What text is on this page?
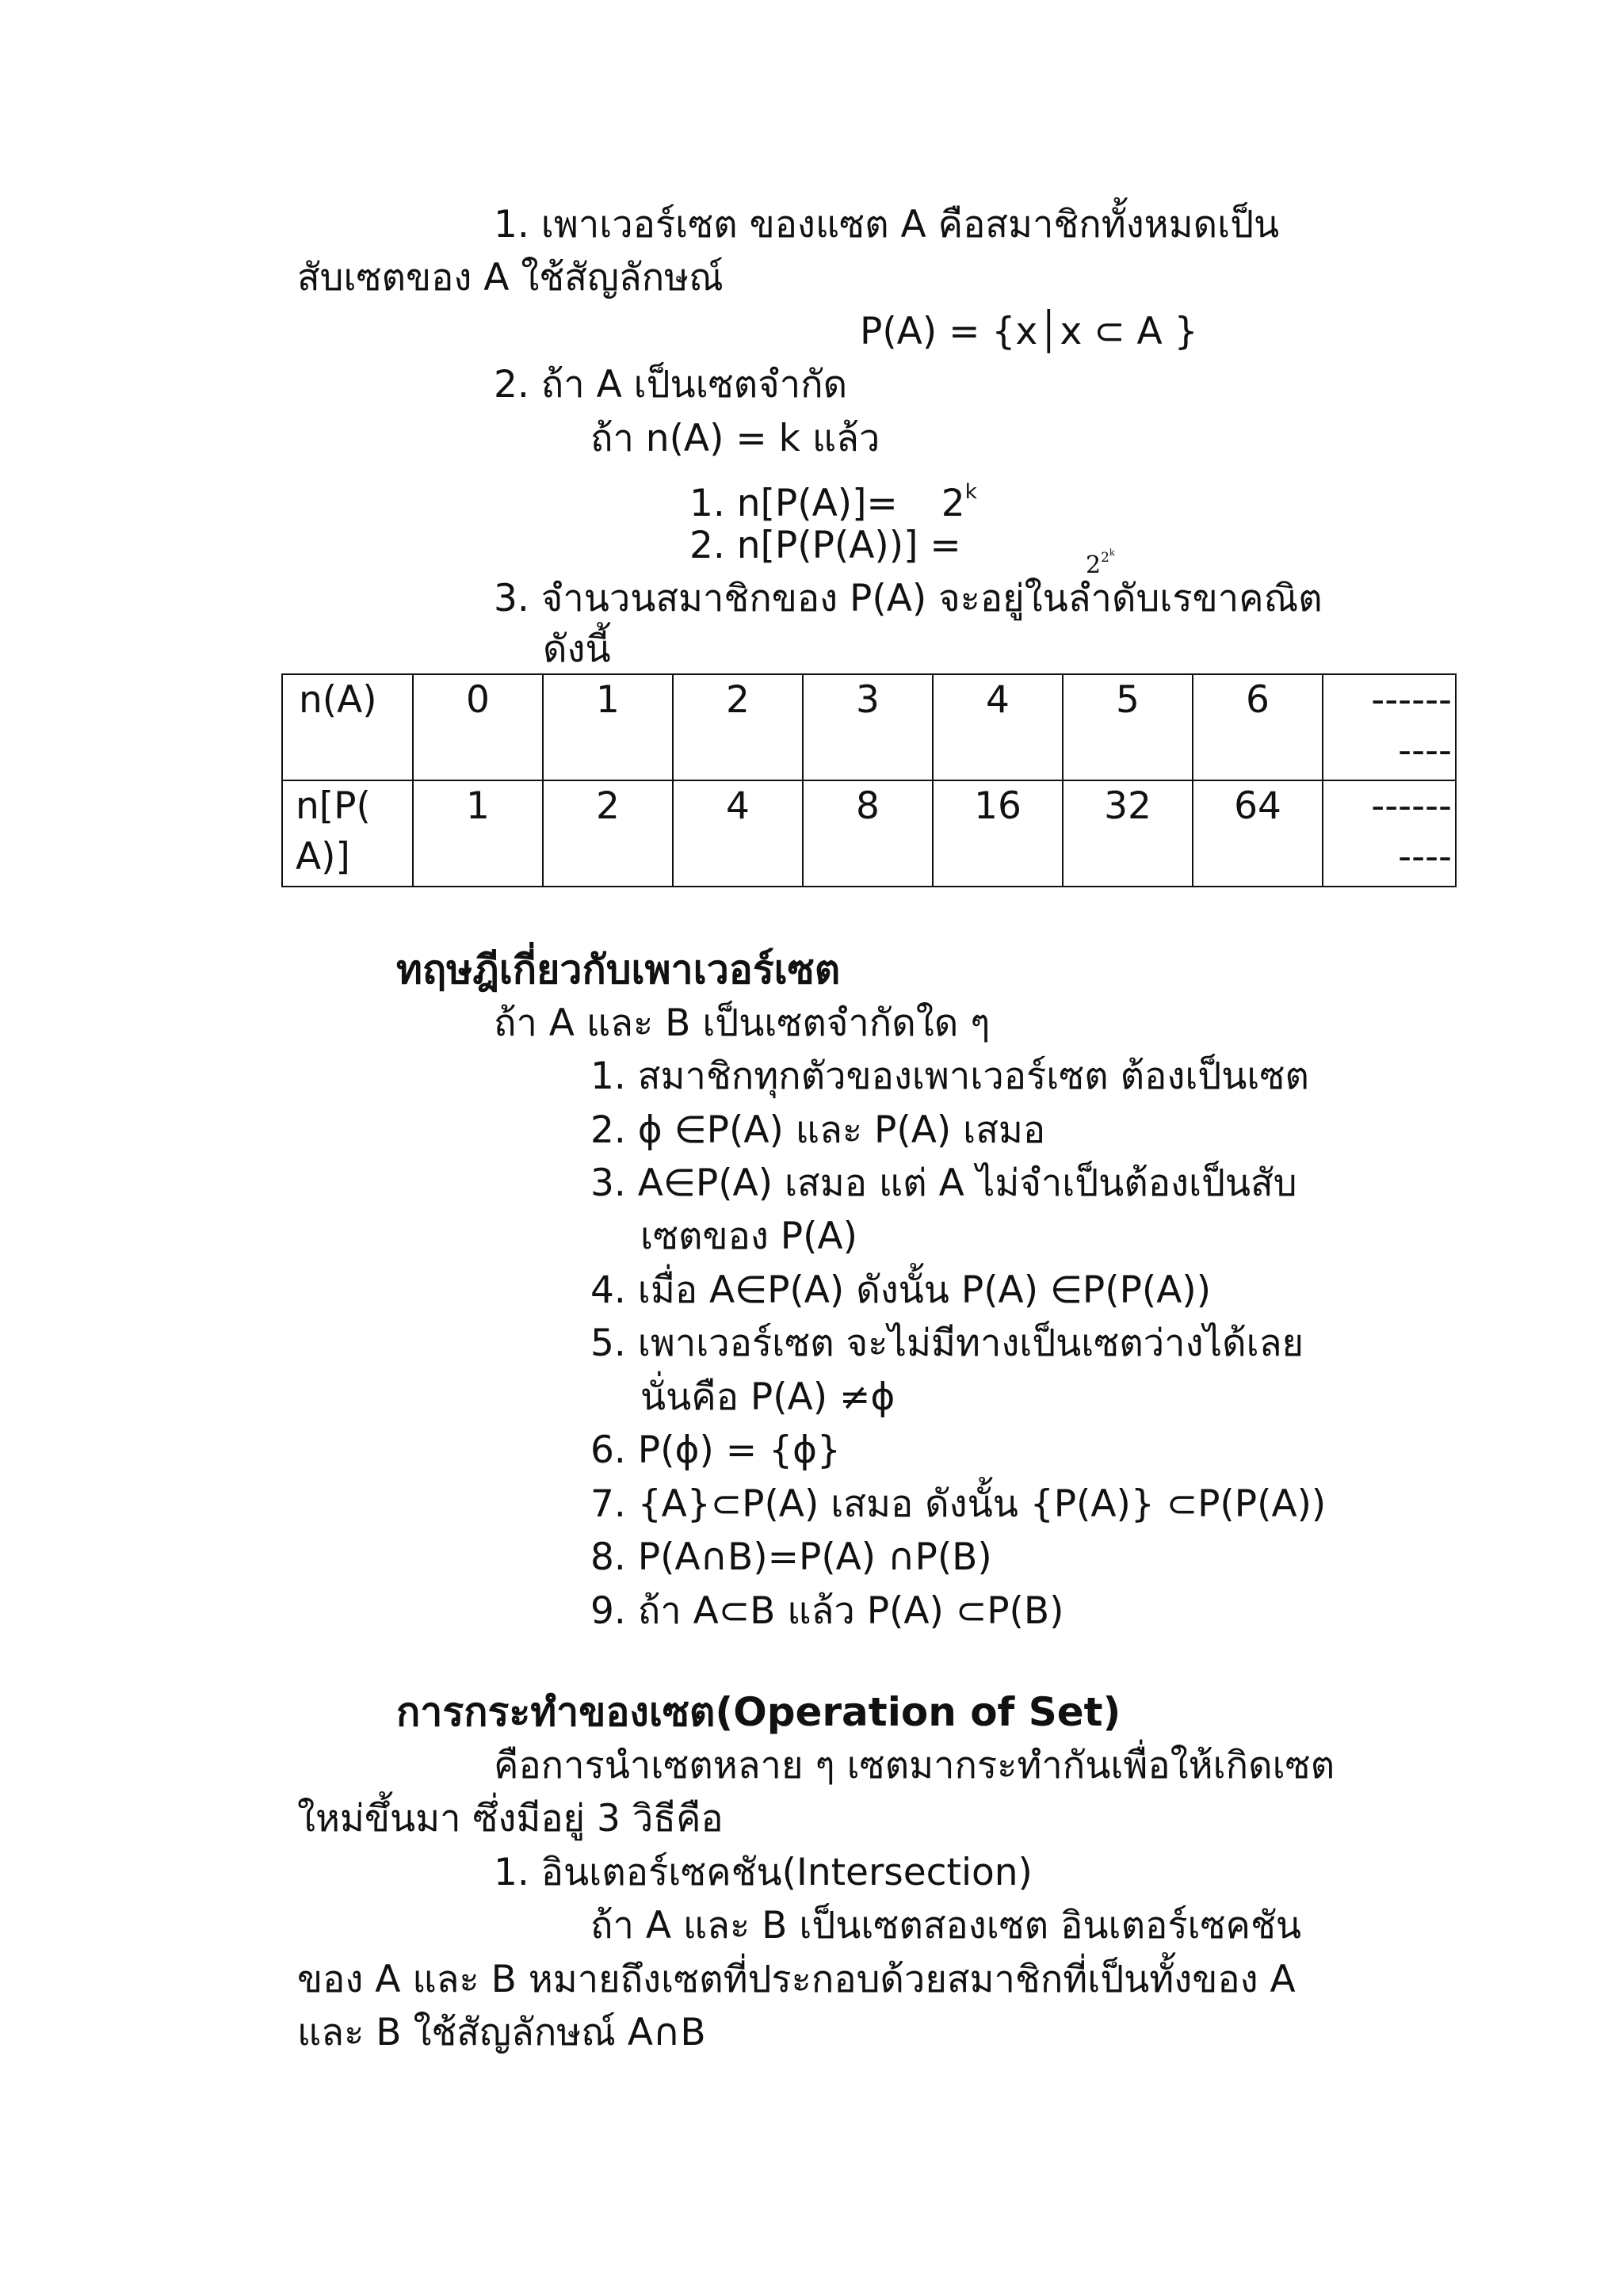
1. เพาเวอร์เซต ของแซต A คือสมาชิกทั้งหมดเป็น
สับเซตของ A ใช้สัญลักษณ์
P(A) = {x│x ⊂ A }
2. ถ้า A เป็นเซตจำกัด
ถ้า n(A) = k แล้ว
1. $n[P(A)]= 2^k$
2. n[P(P(A))] =	$2^{2^k}$
3. จำนวนสมาชิกของ P(A) จะอยู่ในลำดับเรขาคณิต
ดังนี้
n(A)	0	1	2	3	4	5	6	------
----
n[P(
A)]	1	2	4	8	16	32	64	------
----
ทฤษฎีเกี่ยวกับเพาเวอร์เซต
ถ้า A และ B เป็นเซตจำกัดใด ๆ
1. สมาชิกทุกตัวของเพาเวอร์เซต ต้องเป็นเซต
2. ϕ ∈P(A) และ P(A) เสมอ
3. A∈P(A) เสมอ แต่ A ไม่จำเป็นต้องเป็นสับ
เซตของ P(A)
4. เมื่อ A∈P(A) ดังนั้น P(A) ∈P(P(A))
5. เพาเวอร์เซต จะไม่มีทางเป็นเซตว่างได้เลย
นั่นคือ P(A) ≠ϕ
6. P(ϕ) = {ϕ}
7. {A}⊂P(A) เสมอ ดังนั้น {P(A)} ⊂P(P(A))
8. P(A∩B)=P(A) ∩P(B)
9. ถ้า A⊂B แล้ว P(A) ⊂P(B)
การกระทำของเซต(Operation of Set)
คือการนำเซตหลาย ๆ เซตมากระทำกันเพื่อให้เกิดเซต
ใหม่ขึ้นมา ซึ่งมีอยู่ 3 วิธีคือ
1. อินเตอร์เซคชัน(Intersection)
ถ้า A และ B เป็นเซตสองเซต อินเตอร์เซคชัน
ของ A และ B หมายถึงเซตที่ประกอบด้วยสมาชิกที่เป็นทั้งของ A
และ B ใช้สัญลักษณ์ A∩B
